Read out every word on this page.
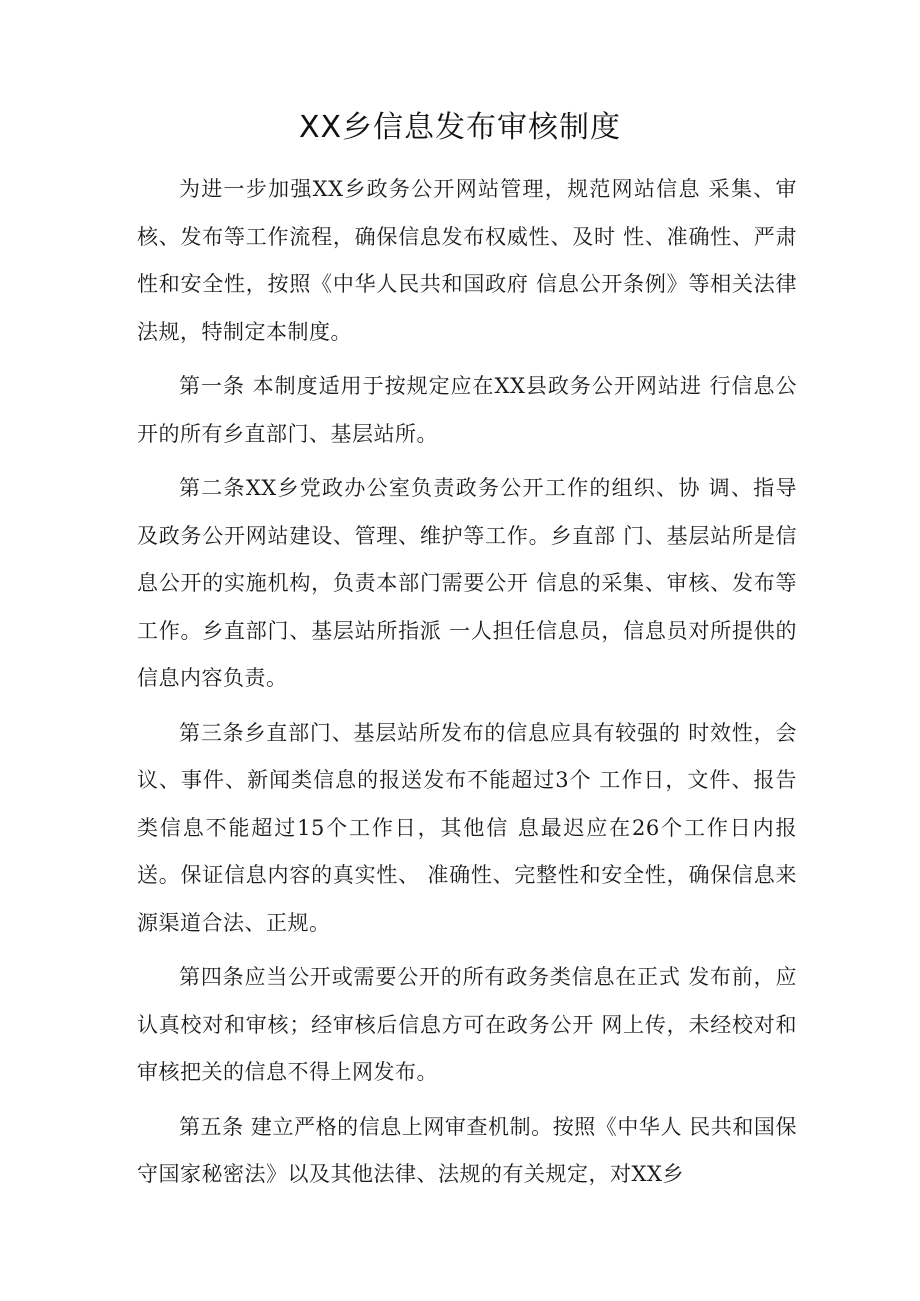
XX乡信息发布审核制度

为进一步加强XX乡政务公开网站管理，规范网站信息 采集、审核、发布等工作流程，确保信息发布权威性、及时 性、准确性、严肃性和安全性，按照《中华人民共和国政府 信息公开条例》等相关法律法规，特制定本制度。

第一条 本制度适用于按规定应在XX县政务公开网站进 行信息公开的所有乡直部门、基层站所。

第二条XX乡党政办公室负责政务公开工作的组织、协 调、指导及政务公开网站建设、管理、维护等工作。乡直部 门、基层站所是信息公开的实施机构，负责本部门需要公开 信息的采集、审核、发布等工作。乡直部门、基层站所指派 一人担任信息员，信息员对所提供的信息内容负责。

第三条乡直部门、基层站所发布的信息应具有较强的 时效性，会议、事件、新闻类信息的报送发布不能超过3个 工作日，文件、报告类信息不能超过15个工作日，其他信 息最迟应在26个工作日内报送。保证信息内容的真实性、 准确性、完整性和安全性，确保信息来源渠道合法、正规。

第四条应当公开或需要公开的所有政务类信息在正式 发布前，应认真校对和审核；经审核后信息方可在政务公开 网上传，未经校对和审核把关的信息不得上网发布。

第五条 建立严格的信息上网审查机制。按照《中华人 民共和国保守国家秘密法》以及其他法律、法规的有关规定，对XX乡
